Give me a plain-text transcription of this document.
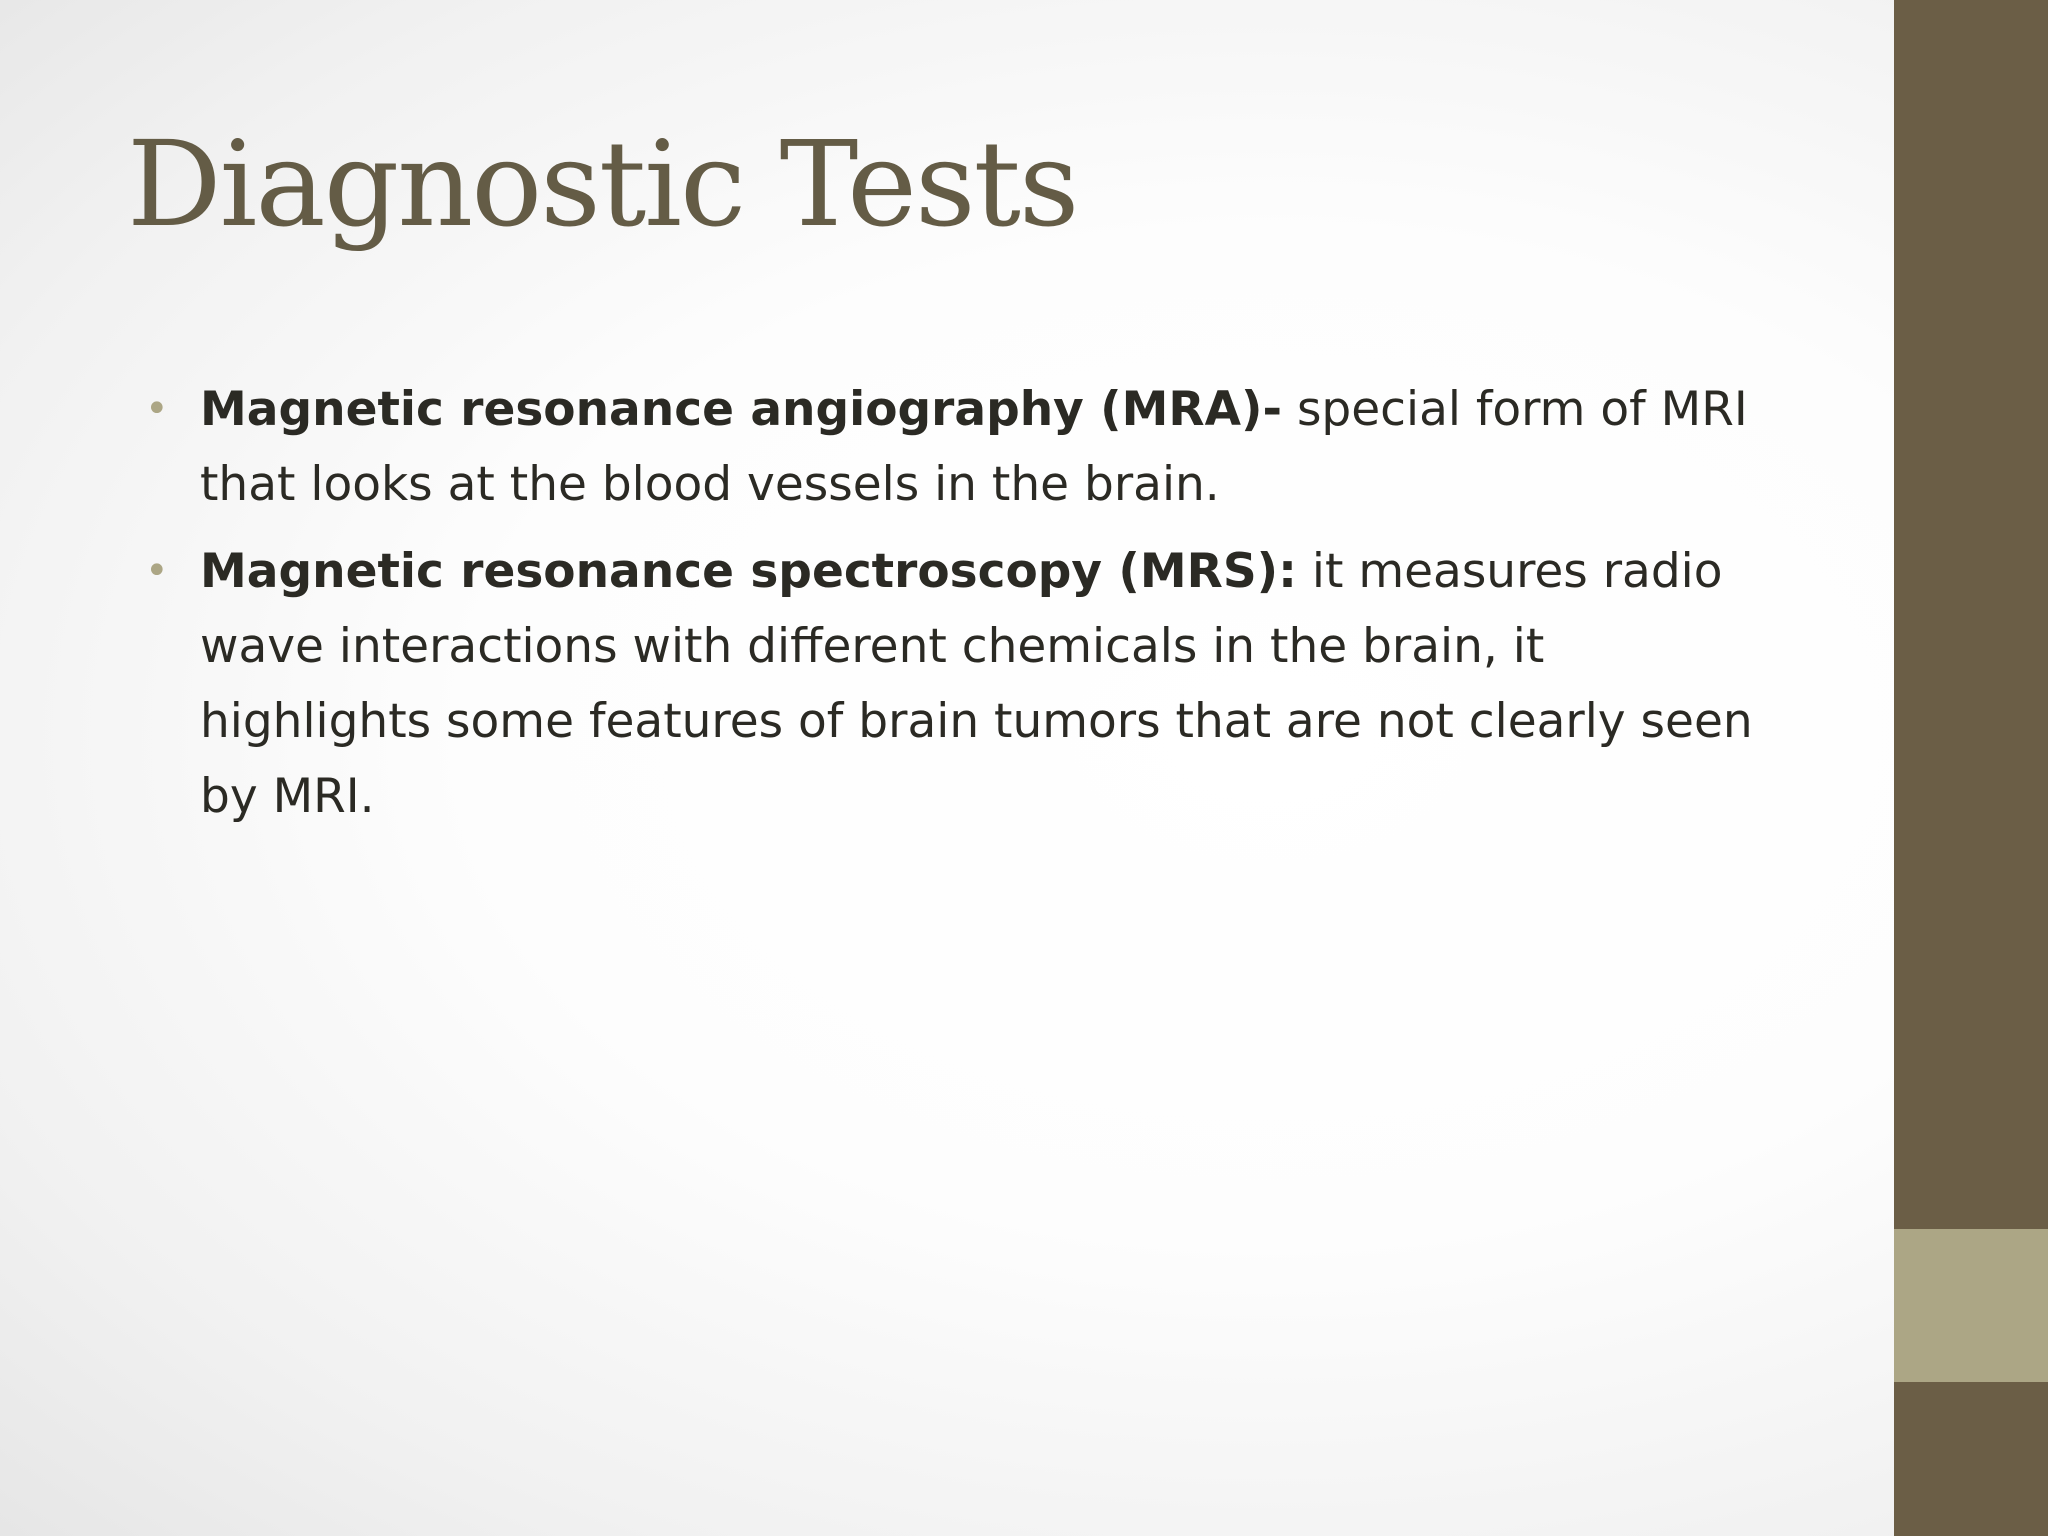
Diagnostic Tests
• Magnetic resonance angiography (MRA)- special form of MRI that looks at the blood vessels in the brain.
• Magnetic resonance spectroscopy (MRS): it measures radio wave interactions with different chemicals in the brain, it highlights some features of brain tumors that are not clearly seen by MRI.
